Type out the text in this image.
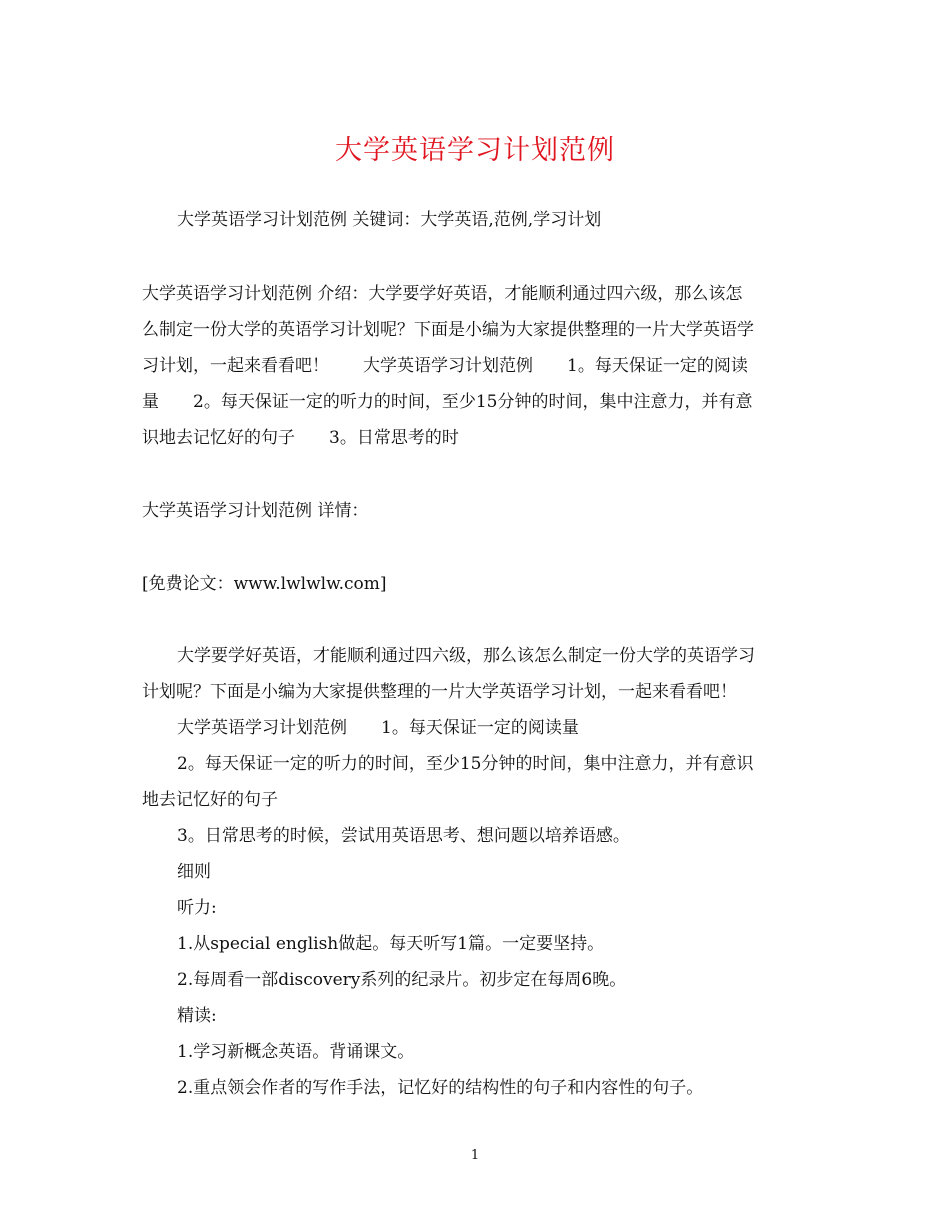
大学英语学习计划范例
大学英语学习计划范例 关键词：大学英语,范例,学习计划
大学英语学习计划范例 介绍：大学要学好英语，才能顺利通过四六级，那么该怎
么制定一份大学的英语学习计划呢？下面是小编为大家提供整理的一片大学英语学
习计划，一起来看看吧！　　大学英语学习计划范例　　1。每天保证一定的阅读
量　　2。每天保证一定的听力的时间，至少15分钟的时间，集中注意力，并有意
识地去记忆好的句子　　3。日常思考的时
大学英语学习计划范例 详情：
[免费论文：www.lwlwlw.com]
大学要学好英语，才能顺利通过四六级，那么该怎么制定一份大学的英语学习
计划呢？下面是小编为大家提供整理的一片大学英语学习计划，一起来看看吧！
大学英语学习计划范例　　1。每天保证一定的阅读量
2。每天保证一定的听力的时间，至少15分钟的时间，集中注意力，并有意识
地去记忆好的句子
3。日常思考的时候，尝试用英语思考、想问题以培养语感。
细则
听力:
1.从special english做起。每天听写1篇。一定要坚持。
2.每周看一部discovery系列的纪录片。初步定在每周6晚。
精读:
1.学习新概念英语。背诵课文。
2.重点领会作者的写作手法，记忆好的结构性的句子和内容性的句子。
1
